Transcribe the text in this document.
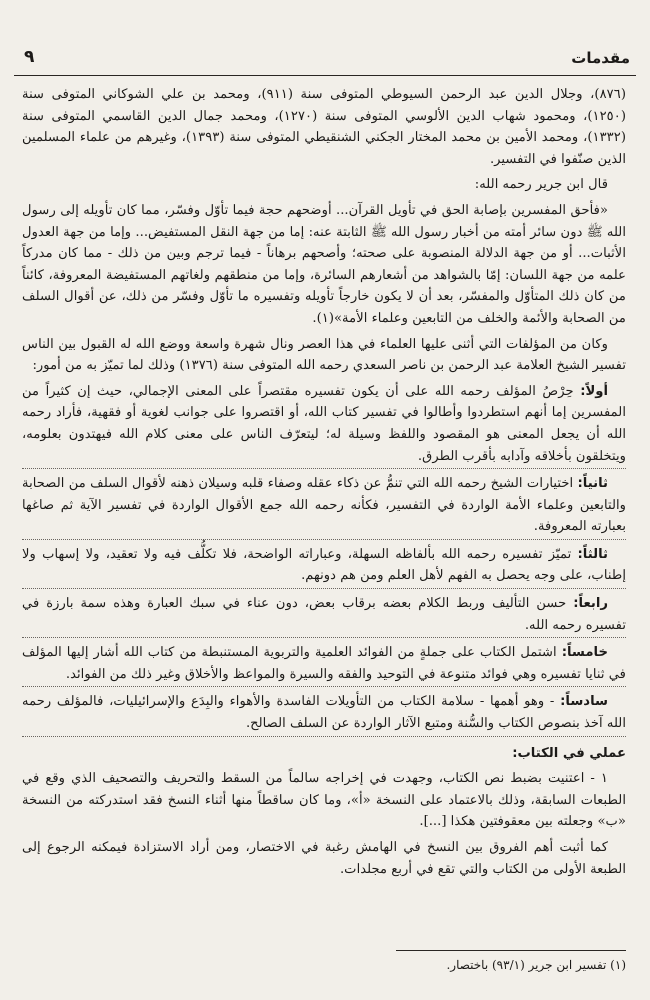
مقدمات
٩

(٨٧٦)، وجلال الدين عبد الرحمن السيوطي المتوفى سنة (٩١١)، ومحمد بن علي الشوكاني المتوفى سنة (١٢٥٠)، ومحمود شهاب الدين الألوسي المتوفى سنة (١٢٧٠)، ومحمد جمال الدين القاسمي المتوفى سنة (١٣٣٢)، ومحمد الأمين بن محمد المختار الجكني الشنقيطي المتوفى سنة (١٣٩٣)، وغيرهم من علماء المسلمين الذين صنّفوا في التفسير.

قال ابن جرير رحمه الله:

«فأحق المفسرين بإصابة الحق في تأويل القرآن... أوضحهم حجة فيما تأوّل وفسّر، مما كان تأويله إلى رسول الله ﷺ دون سائر أمته من أخبار رسول الله ﷺ الثابتة عنه: إما من جهة النقل المستفيض... وإما من جهة العدول الأثبات... أو من جهة الدلالة المنصوبة على صحته؛ وأصحهم برهاناً - فيما ترجم وبين من ذلك - مما كان مدركاً علمه من جهة اللسان: إمّا بالشواهد من أشعارهم السائرة، وإما من منطقهم ولغاتهم المستفيضة المعروفة، كائناً من كان ذلك المتأوّل والمفسّر، بعد أن لا يكون خارجاً تأويله وتفسيره ما تأوّل وفسّر من ذلك، عن أقوال السلف من الصحابة والأئمة والخلف من التابعين وعلماء الأمة»(١).

وكان من المؤلفات التي أثنى عليها العلماء في هذا العصر ونال شهرة واسعة ووضع الله له القبول بين الناس تفسير الشيخ العلامة عبد الرحمن بن ناصر السعدي رحمه الله المتوفى سنة (١٣٧٦) وذلك لما تميّز به من أمور:

أولاً: حِرْصُ المؤلف رحمه الله على أن يكون تفسيره مقتصراً على المعنى الإجمالي، حيث إن كثيراً من المفسرين إما أنهم استطردوا وأطالوا في تفسير كتاب الله، أو اقتصروا على جوانب لغوية أو فقهية، فأراد رحمه الله أن يجعل المعنى هو المقصود واللفظ وسيلة له؛ ليتعرّف الناس على معنى كلام الله فيهتدون بعلومه، ويتخلقون بأخلاقه وآدابه بأقرب الطرق.

ثانياً: اختيارات الشيخ رحمه الله التي تنمُّ عن ذكاء عقله وصفاء قلبه وسيلان ذهنه لأقوال السلف من الصحابة والتابعين وعلماء الأمة الواردة في التفسير، فكأنه رحمه الله جمع الأقوال الواردة في تفسير الآية ثم صاغها بعبارته المعروفة.

ثالثاً: تميّز تفسيره رحمه الله بألفاظه السهلة، وعباراته الواضحة، فلا تكلُّف فيه ولا تعقيد، ولا إسهاب ولا إطناب، على وجه يحصل به الفهم لأهل العلم ومن هم دونهم.

رابعاً: حسن التأليف وربط الكلام بعضه برقاب بعض، دون عناء في سبك العبارة وهذه سمة بارزة في تفسيره رحمه الله.

خامساً: اشتمل الكتاب على جملةٍ من الفوائد العلمية والتربوية المستنبطة من كتاب الله أشار إليها المؤلف في ثنايا تفسيره وهي فوائد متنوعة في التوحيد والفقه والسيرة والمواعظ والأخلاق وغير ذلك من الفوائد.

سادساً: - وهو أهمها - سلامة الكتاب من التأويلات الفاسدة والأهواء والبِدَع والإسرائيليات، فالمؤلف رحمه الله آخذ بنصوص الكتاب والسُّنة ومتبع الآثار الواردة عن السلف الصالح.

عملي في الكتاب:

١ - اعتنيت بضبط نص الكتاب، وجهدت في إخراجه سالماً من السقط والتحريف والتصحيف الذي وقع في الطبعات السابقة، وذلك بالاعتماد على النسخة «أ»، وما كان ساقطاً منها أثناء النسخ فقد استدركته من النسخة «ب» وجعلته بين معقوفتين هكذا [...].

كما أثبت أهم الفروق بين النسخ في الهامش رغبة في الاختصار، ومن أراد الاستزادة فيمكنه الرجوع إلى الطبعة الأولى من الكتاب والتي تقع في أربع مجلدات.

(١) تفسير ابن جرير (٩٣/١) باختصار.
